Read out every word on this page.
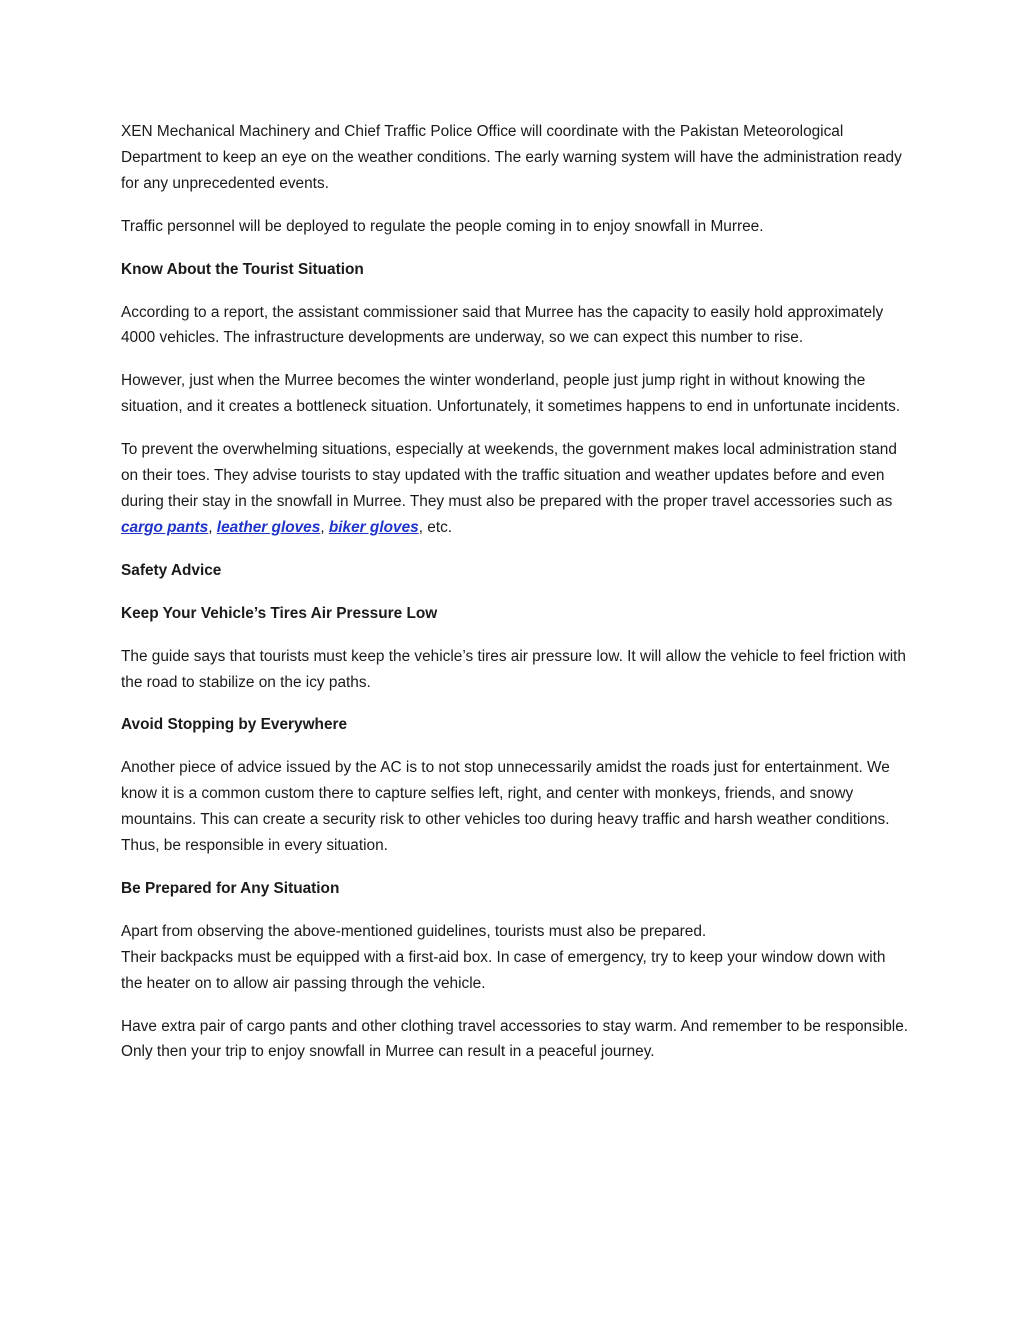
XEN Mechanical Machinery and Chief Traffic Police Office will coordinate with the Pakistan Meteorological Department to keep an eye on the weather conditions. The early warning system will have the administration ready for any unprecedented events.

Traffic personnel will be deployed to regulate the people coming in to enjoy snowfall in Murree.

Know About the Tourist Situation

According to a report, the assistant commissioner said that Murree has the capacity to easily hold approximately 4000 vehicles. The infrastructure developments are underway, so we can expect this number to rise.

However, just when the Murree becomes the winter wonderland, people just jump right in without knowing the situation, and it creates a bottleneck situation. Unfortunately, it sometimes happens to end in unfortunate incidents.

To prevent the overwhelming situations, especially at weekends, the government makes local administration stand on their toes. They advise tourists to stay updated with the traffic situation and weather updates before and even during their stay in the snowfall in Murree. They must also be prepared with the proper travel accessories such as cargo pants, leather gloves, biker gloves, etc.

Safety Advice

Keep Your Vehicle’s Tires Air Pressure Low

The guide says that tourists must keep the vehicle’s tires air pressure low. It will allow the vehicle to feel friction with the road to stabilize on the icy paths.

Avoid Stopping by Everywhere

Another piece of advice issued by the AC is to not stop unnecessarily amidst the roads just for entertainment. We know it is a common custom there to capture selfies left, right, and center with monkeys, friends, and snowy mountains. This can create a security risk to other vehicles too during heavy traffic and harsh weather conditions. Thus, be responsible in every situation.

Be Prepared for Any Situation

Apart from observing the above-mentioned guidelines, tourists must also be prepared.
Their backpacks must be equipped with a first-aid box. In case of emergency, try to keep your window down with the heater on to allow air passing through the vehicle.

Have extra pair of cargo pants and other clothing travel accessories to stay warm. And remember to be responsible. Only then your trip to enjoy snowfall in Murree can result in a peaceful journey.
